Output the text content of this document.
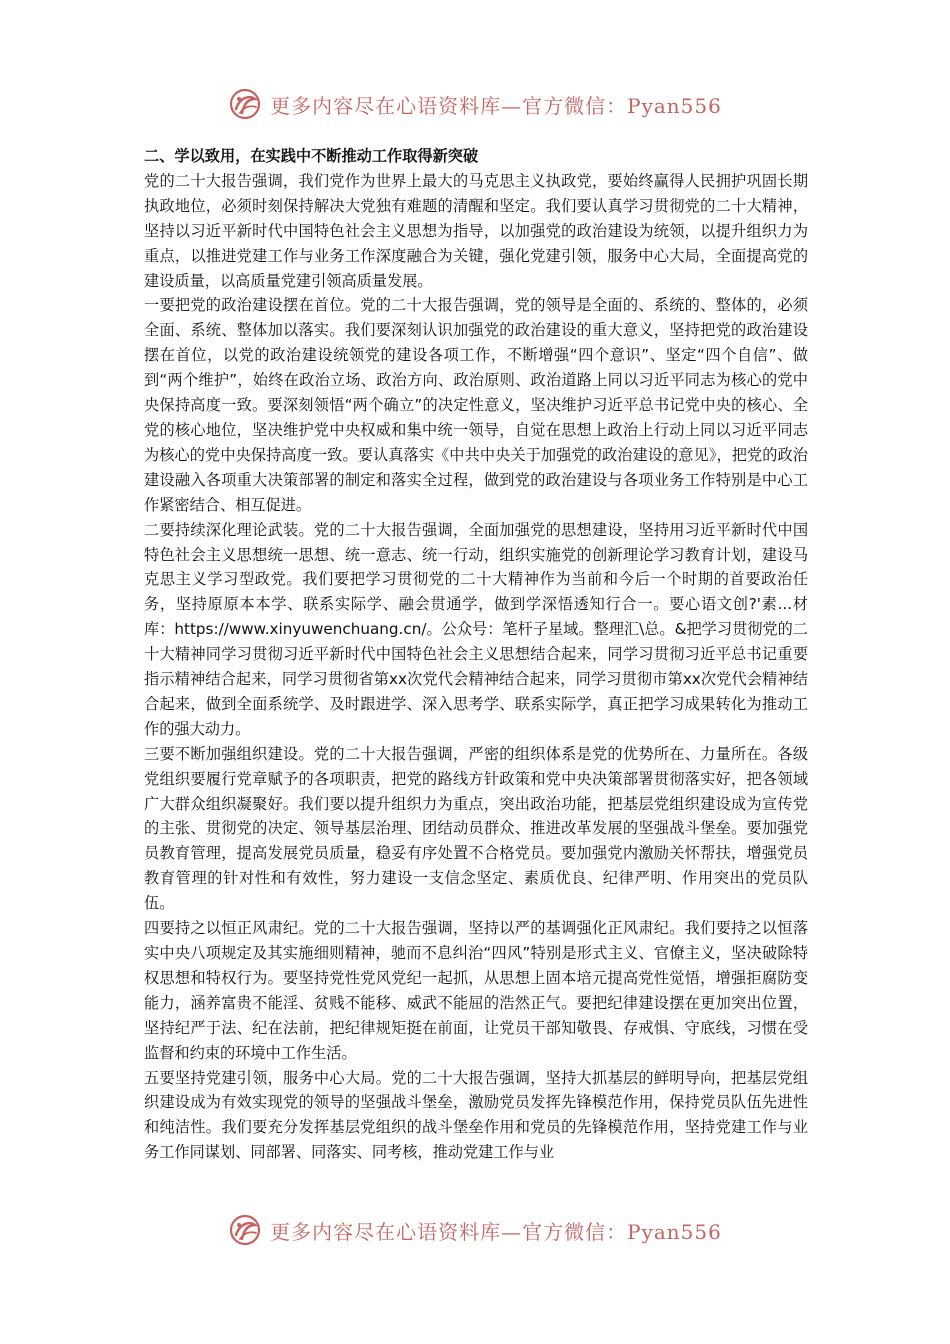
更多内容尽在心语资料库—官方微信：Pyan556

二、学以致用，在实践中不断推动工作取得新突破

党的二十大报告强调，我们党作为世界上最大的马克思主义执政党，要始终赢得人民拥护巩固长期执政地位，必须时刻保持解决大党独有难题的清醒和坚定。我们要认真学习贯彻党的二十大精神，坚持以习近平新时代中国特色社会主义思想为指导，以加强党的政治建设为统领，以提升组织力为重点，以推进党建工作与业务工作深度融合为关键，强化党建引领，服务中心大局，全面提高党的建设质量，以高质量党建引领高质量发展。

一要把党的政治建设摆在首位。党的二十大报告强调，党的领导是全面的、系统的、整体的，必须全面、系统、整体加以落实。我们要深刻认识加强党的政治建设的重大意义，坚持把党的政治建设摆在首位，以党的政治建设统领党的建设各项工作，不断增强“四个意识”、坚定“四个自信”、做到“两个维护”，始终在政治立场、政治方向、政治原则、政治道路上同以习近平同志为核心的党中央保持高度一致。要深刻领悟“两个确立”的决定性意义，坚决维护习近平总书记党中央的核心、全党的核心地位，坚决维护党中央权威和集中统一领导，自觉在思想上政治上行动上同以习近平同志为核心的党中央保持高度一致。要认真落实《中共中央关于加强党的政治建设的意见》，把党的政治建设融入各项重大决策部署的制定和落实全过程，做到党的政治建设与各项业务工作特别是中心工作紧密结合、相互促进。

二要持续深化理论武装。党的二十大报告强调，全面加强党的思想建设，坚持用习近平新时代中国特色社会主义思想统一思想、统一意志、统一行动，组织实施党的创新理论学习教育计划，建设马克思主义学习型政党。我们要把学习贯彻党的二十大精神作为当前和今后一个时期的首要政治任务，坚持原原本本学、联系实际学、融会贯通学，做到学深悟透知行合一。要心语文创?'素...材库：https://www.xinyuwenchuang.cn/。公众号：笔杆子星域。整理汇\总。&把学习贯彻党的二十大精神同学习贯彻习近平新时代中国特色社会主义思想结合起来，同学习贯彻习近平总书记重要指示精神结合起来，同学习贯彻省第xx次党代会精神结合起来，同学习贯彻市第xx次党代会精神结合起来，做到全面系统学、及时跟进学、深入思考学、联系实际学，真正把学习成果转化为推动工作的强大动力。

三要不断加强组织建设。党的二十大报告强调，严密的组织体系是党的优势所在、力量所在。各级党组织要履行党章赋予的各项职责，把党的路线方针政策和党中央决策部署贯彻落实好，把各领域广大群众组织凝聚好。我们要以提升组织力为重点，突出政治功能，把基层党组织建设成为宣传党的主张、贯彻党的决定、领导基层治理、团结动员群众、推进改革发展的坚强战斗堡垒。要加强党员教育管理，提高发展党员质量，稳妥有序处置不合格党员。要加强党内激励关怀帮扶，增强党员教育管理的针对性和有效性，努力建设一支信念坚定、素质优良、纪律严明、作用突出的党员队伍。

四要持之以恒正风肃纪。党的二十大报告强调，坚持以严的基调强化正风肃纪。我们要持之以恒落实中央八项规定及其实施细则精神，驰而不息纠治“四风”特别是形式主义、官僚主义，坚决破除特权思想和特权行为。要坚持党性党风党纪一起抓，从思想上固本培元提高党性觉悟，增强拒腐防变能力，涵养富贵不能淫、贫贱不能移、威武不能屈的浩然正气。要把纪律建设摆在更加突出位置，坚持纪严于法、纪在法前，把纪律规矩挺在前面，让党员干部知敬畏、存戒惧、守底线，习惯在受监督和约束的环境中工作生活。

五要坚持党建引领，服务中心大局。党的二十大报告强调，坚持大抓基层的鲜明导向，把基层党组织建设成为有效实现党的领导的坚强战斗堡垒，激励党员发挥先锋模范作用，保持党员队伍先进性和纯洁性。我们要充分发挥基层党组织的战斗堡垒作用和党员的先锋模范作用，坚持党建工作与业务工作同谋划、同部署、同落实、同考核，推动党建工作与业

更多内容尽在心语资料库—官方微信：Pyan556
